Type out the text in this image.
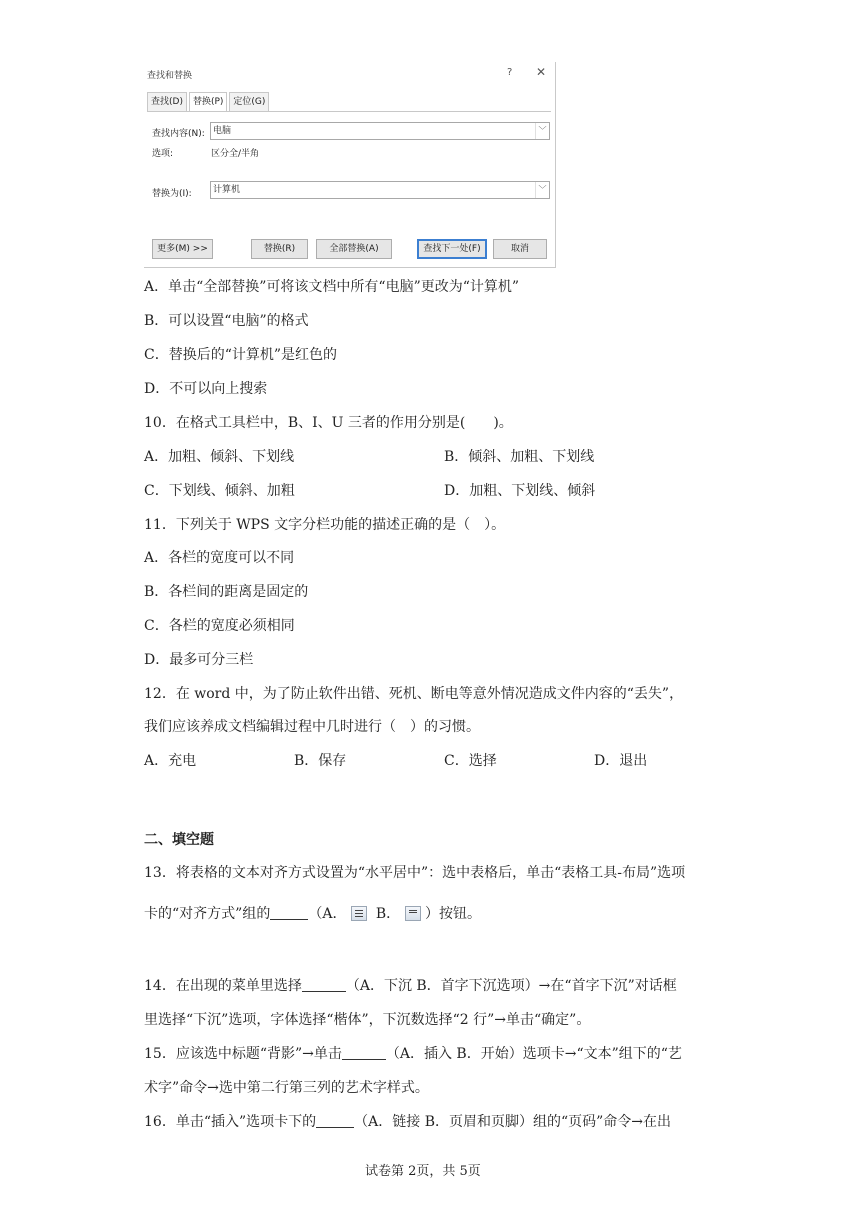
查找和替换	? ✕
查找(D)	替换(P)	定位(G)
查找内容(N): 电脑	﹀
选项:	区分全/半角
替换为(I):	计算机	﹀
更多(M) >>	替换(R)	全部替换(A)	查找下一处(F)	取消
A．单击“全部替换”可将该文档中所有“电脑”更改为“计算机”
B．可以设置“电脑”的格式
C．替换后的“计算机”是红色的
D．不可以向上搜索
10．在格式工具栏中，B、I、U 三者的作用分别是(　　)。
A．加粗、倾斜、下划线	B．倾斜、加粗、下划线
C．下划线、倾斜、加粗	D．加粗、下划线、倾斜
11．下列关于 WPS 文字分栏功能的描述正确的是（　）。
A．各栏的宽度可以不同
B．各栏间的距离是固定的
C．各栏的宽度必须相同
D．最多可分三栏
12．在 word 中，为了防止软件出错、死机、断电等意外情况造成文件内容的“丢失”，
我们应该养成文档编辑过程中几时进行（　）的习惯。
A．充电	B．保存	C．选择	D．退出
二、填空题
13．将表格的文本对齐方式设置为“水平居中”：选中表格后，单击“表格工具-布局”选项
卡的“对齐方式”组的	（A． B． ）按钮。
14．在出现的菜单里选择	（A．下沉 B．首字下沉选项）→在“首字下沉”对话框
里选择“下沉”选项，字体选择“楷体”，下沉数选择“2 行”→单击“确定”。
15．应该选中标题“背影”→单击	（A．插入 B．开始）选项卡→“文本”组下的“艺
术字”命令→选中第二行第三列的艺术字样式。
16．单击“插入”选项卡下的	（A．链接 B．页眉和页脚）组的“页码”命令→在出
试卷第 2页，共 5页
